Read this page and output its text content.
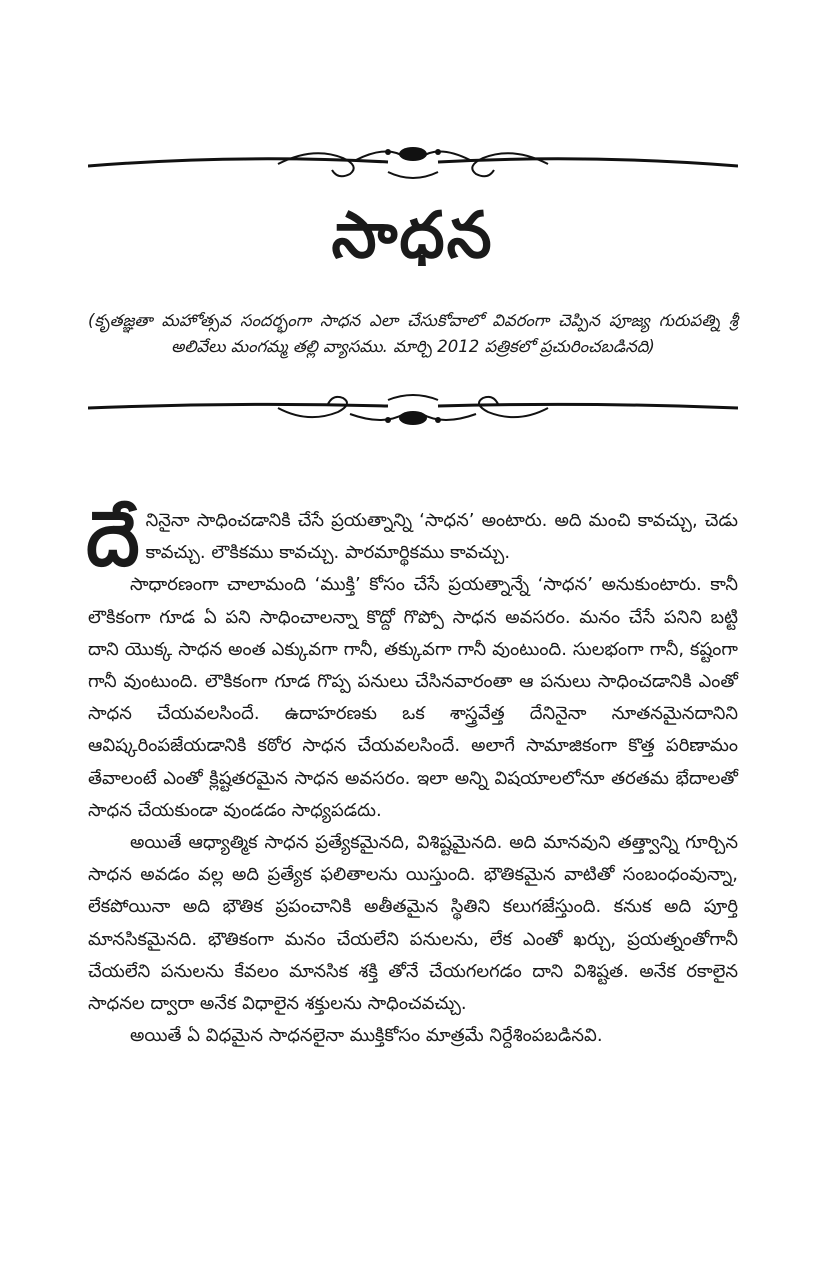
సాధన
(కృతజ్ఞతా మహోత్సవ సందర్భంగా సాధన ఎలా చేసుకోవాలో వివరంగా చెప్పిన పూజ్య గురుపత్ని శ్రీ అలివేలు మంగమ్మ తల్లి వ్యాసము. మార్చి 2012 పత్రికలో ప్రచురించబడినది)

దేనినైనా సాధించడానికి చేసే ప్రయత్నాన్ని ‘సాధన’ అంటారు. అది మంచి కావచ్చు, చెడు కావచ్చు. లౌకికము కావచ్చు. పారమార్థికము కావచ్చు.

సాధారణంగా చాలామంది ‘ముక్తి’ కోసం చేసే ప్రయత్నాన్నే ‘సాధన’ అనుకుంటారు. కానీ లౌకికంగా గూడ ఏ పని సాధించాలన్నా కొద్దో గొప్పో సాధన అవసరం. మనం చేసే పనిని బట్టి దాని యొక్క సాధన అంత ఎక్కువగా గానీ, తక్కువగా గానీ వుంటుంది. సులభంగా గానీ, కష్టంగా గానీ వుంటుంది. లౌకికంగా గూడ గొప్ప పనులు చేసినవారంతా ఆ పనులు సాధించడానికి ఎంతో సాధన చేయవలసిందే. ఉదాహరణకు ఒక శాస్త్రవేత్త దేనినైనా నూతనమైనదానిని ఆవిష్కరింపజేయడానికి కఠోర సాధన చేయవలసిందే. అలాగే సామాజికంగా కొత్త పరిణామం తేవాలంటే ఎంతో క్లిష్టతరమైన సాధన అవసరం. ఇలా అన్ని విషయాలలోనూ తరతమ భేదాలతో సాధన చేయకుండా వుండడం సాధ్యపడదు.

అయితే ఆధ్యాత్మిక సాధన ప్రత్యేకమైనది, విశిష్టమైనది. అది మానవుని తత్త్వాన్ని గూర్చిన సాధన అవడం వల్ల అది ప్రత్యేక ఫలితాలను యిస్తుంది. భౌతికమైన వాటితో సంబంధంవున్నా, లేకపోయినా అది భౌతిక ప్రపంచానికి అతీతమైన స్థితిని కలుగజేస్తుంది. కనుక అది పూర్తి మానసికమైనది. భౌతికంగా మనం చేయలేని పనులను, లేక ఎంతో ఖర్చు, ప్రయత్నంతోగానీ చేయలేని పనులను కేవలం మానసిక శక్తి తోనే చేయగలగడం దాని విశిష్టత. అనేక రకాలైన సాధనల ద్వారా అనేక విధాలైన శక్తులను సాధించవచ్చు.

అయితే ఏ విధమైన సాధనలైనా ముక్తికోసం మాత్రమే నిర్దేశింపబడినవి.
